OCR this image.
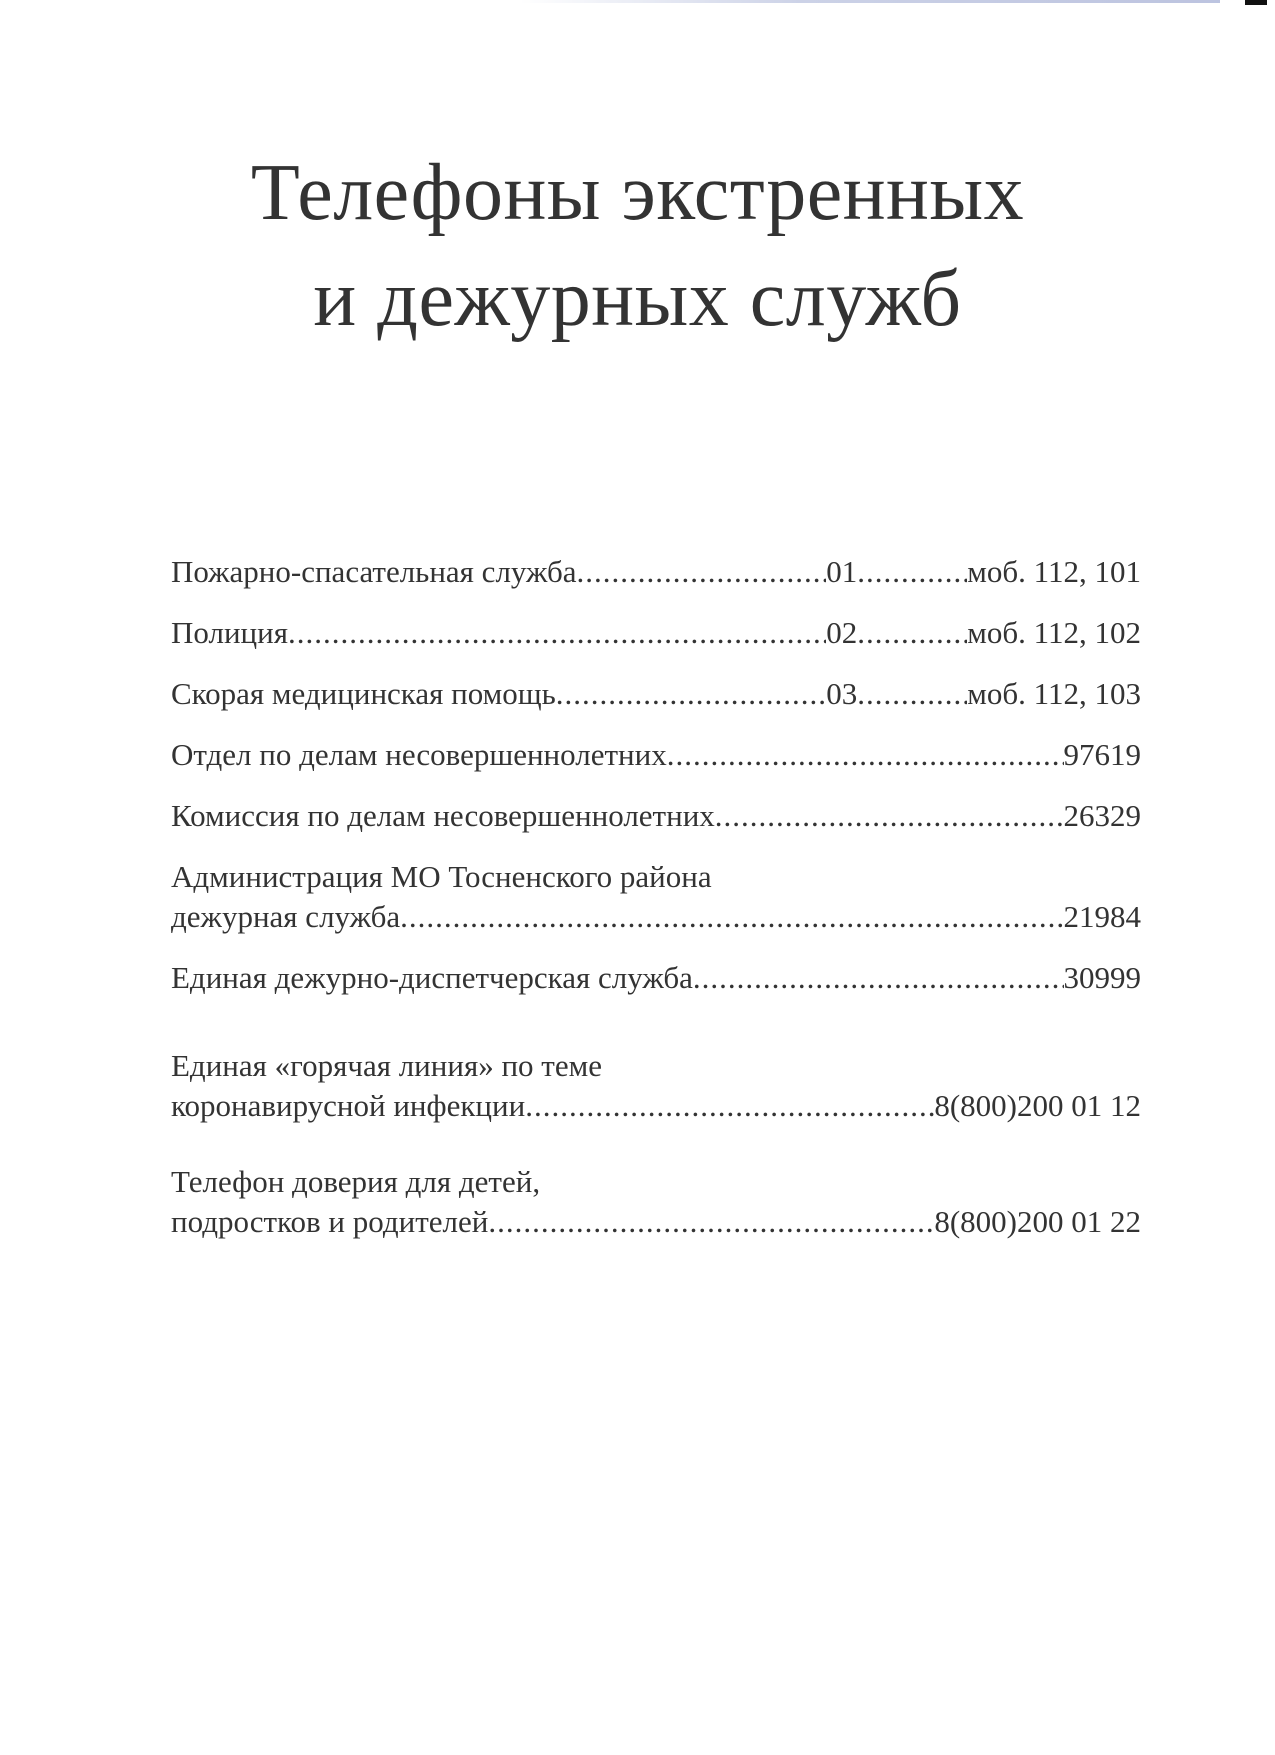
Телефоны экстренных
и дежурных служб
Пожарно-спасательная служба .....	01 .....	моб. 112, 101
Полиция .....	02 .....	моб. 112, 102
Скорая медицинская помощь .....	03 .....	моб. 112, 103
Отдел по делам несовершеннолетних .....	97619
Комиссия по делам несовершеннолетних .....	26329
Администрация МО Тосненского района
дежурная служба .....	21984
Единая дежурно-диспетчерская служба .....	30999
Единая «горячая линия» по теме
коронавирусной инфекции .....	8(800)200 01 12
Телефон доверия для детей,
подростков и родителей .....	8(800)200 01 22
